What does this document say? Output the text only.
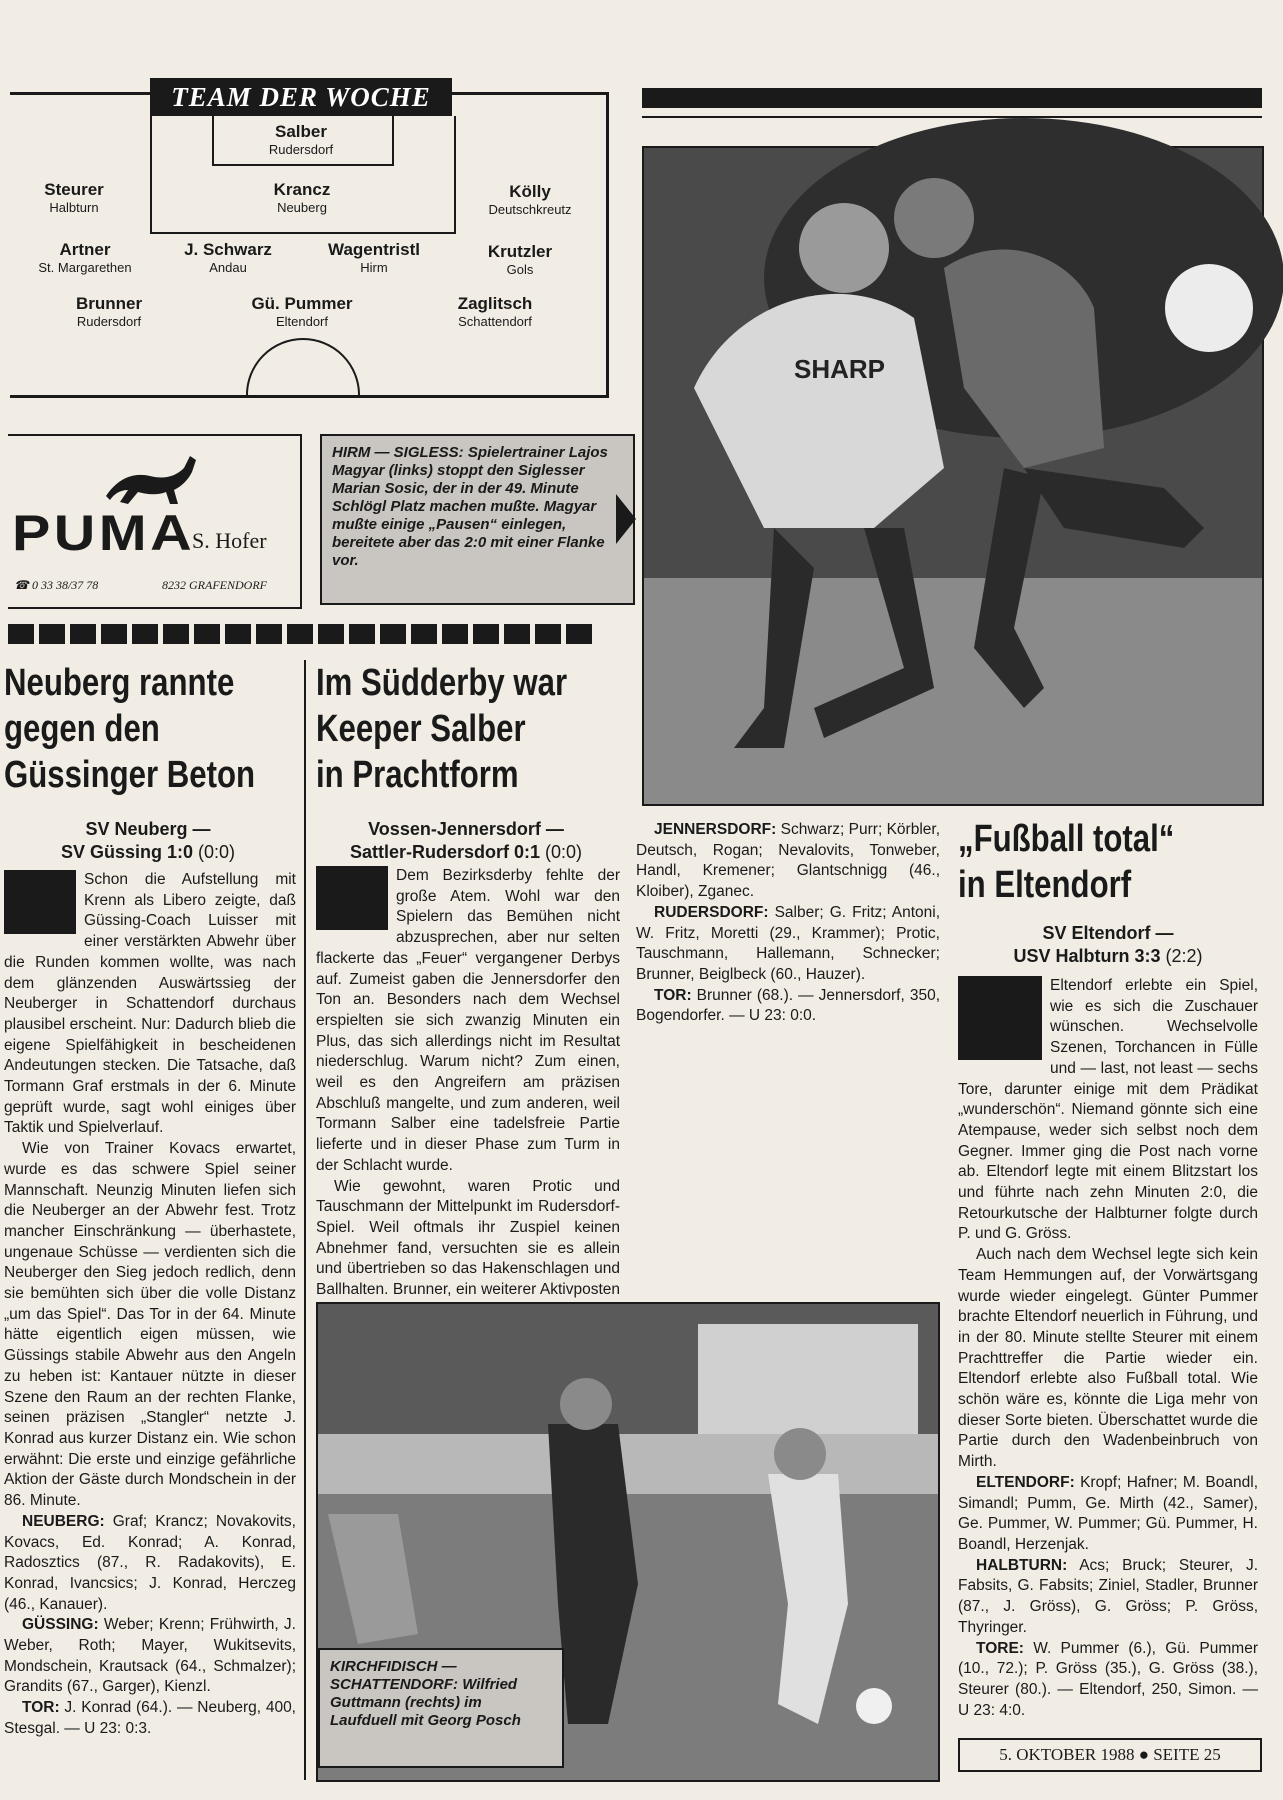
TEAM DER WOCHE
Salber
Rudersdorf
Steurer
Halbturn
Krancz
Neuberg
Kölly
Deutschkreutz
Artner
St. Margarethen
J. Schwarz
Andau
Wagentristl
Hirm
Krutzler
Gols
Brunner
Rudersdorf
Gü. Pummer
Eltendorf
Zaglitsch
Schattendorf
PUMA
S. Hofer
☎ 0 33 38/37 78	8232 GRAFENDORF
HIRM — SIGLESS: Spielertrainer Lajos Magyar (links) stoppt den Siglesser Marian Sosic, der in der 49. Minute Schlögl Platz machen mußte. Magyar mußte einige „Pausen“ einlegen, bereitete aber das 2:0 mit einer Flanke vor.
SHARP
Neuberg rannte
gegen den
Güssinger Beton
SV Neuberg —
SV Güssing 1:0 (0:0)

Schon die Aufstellung mit Krenn als Libero zeigte, daß Güssing-Coach Luisser mit einer verstärkten Abwehr über die Runden kommen wollte, was nach dem glänzenden Auswärtssieg der Neuberger in Schattendorf durchaus plausibel erscheint. Nur: Dadurch blieb die eigene Spielfähigkeit in bescheidenen Andeutungen stecken. Die Tatsache, daß Tormann Graf erstmals in der 6. Minute geprüft wurde, sagt wohl einiges über Taktik und Spielverlauf.

Wie von Trainer Kovacs erwartet, wurde es das schwere Spiel seiner Mannschaft. Neunzig Minuten liefen sich die Neuberger an der Abwehr fest. Trotz mancher Einschränkung — überhastete, ungenaue Schüsse — verdienten sich die Neuberger den Sieg jedoch redlich, denn sie bemühten sich über die volle Distanz „um das Spiel“. Das Tor in der 64. Minute hätte eigentlich eigen müssen, wie Güssings stabile Abwehr aus den Angeln zu heben ist: Kantauer nützte in dieser Szene den Raum an der rechten Flanke, seinen präzisen „Stangler“ netzte J. Konrad aus kurzer Distanz ein. Wie schon erwähnt: Die erste und einzige gefährliche Aktion der Gäste durch Mondschein in der 86. Minute.

NEUBERG: Graf; Krancz; Novakovits, Kovacs, Ed. Konrad; A. Konrad, Radosztics (87., R. Radakovits), E. Konrad, Ivancsics; J. Konrad, Herczeg (46., Kanauer).

GÜSSING: Weber; Krenn; Frühwirth, J. Weber, Roth; Mayer, Wukitsevits, Mondschein, Krautsack (64., Schmalzer); Grandits (67., Garger), Kienzl.

TOR: J. Konrad (64.). — Neuberg, 400, Stesgal. — U 23: 0:3.

Im Südderby war
Keeper Salber
in Prachtform
Vossen-Jennersdorf —
Sattler-Rudersdorf 0:1 (0:0)

Dem Bezirksderby fehlte der große Atem. Wohl war den Spielern das Bemühen nicht abzusprechen, aber nur selten flackerte das „Feuer“ vergangener Derbys auf. Zumeist gaben die Jennersdorfer den Ton an. Besonders nach dem Wechsel erspielten sie sich zwanzig Minuten ein Plus, das sich allerdings nicht im Resultat niederschlug. Warum nicht? Zum einen, weil es den Angreifern am präzisen Abschluß mangelte, und zum anderen, weil Tormann Salber eine tadelsfreie Partie lieferte und in dieser Phase zum Turm in der Schlacht wurde.

Wie gewohnt, waren Protic und Tauschmann der Mittelpunkt im Rudersdorf-Spiel. Weil oftmals ihr Zuspiel keinen Abnehmer fand, versuchten sie es allein und übertrieben so das Hakenschlagen und Ballhalten. Brunner, ein weiterer Aktivposten

JENNERSDORF: Schwarz; Purr; Körbler, Deutsch, Rogan; Nevalovits, Tonweber, Handl, Kremener; Glantschnigg (46., Kloiber), Zganec.

RUDERSDORF: Salber; G. Fritz; Antoni, W. Fritz, Moretti (29., Krammer); Protic, Tauschmann, Hallemann, Schnecker; Brunner, Beiglbeck (60., Hauzer).

TOR: Brunner (68.). — Jennersdorf, 350, Bogendorfer. — U 23: 0:0.

KIRCHFIDISCH — SCHATTENDORF: Wilfried Guttmann (rechts) im Laufduell mit Georg Posch
„Fußball total“
in Eltendorf
SV Eltendorf —
USV Halbturn 3:3 (2:2)

Eltendorf erlebte ein Spiel, wie es sich die Zuschauer wünschen. Wechselvolle Szenen, Torchancen in Fülle und — last, not least — sechs Tore, darunter einige mit dem Prädikat „wunderschön“. Niemand gönnte sich eine Atempause, weder sich selbst noch dem Gegner. Immer ging die Post nach vorne ab. Eltendorf legte mit einem Blitzstart los und führte nach zehn Minuten 2:0, die Retourkutsche der Halbturner folgte durch P. und G. Gröss.

Auch nach dem Wechsel legte sich kein Team Hemmungen auf, der Vorwärtsgang wurde wieder eingelegt. Günter Pummer brachte Eltendorf neuerlich in Führung, und in der 80. Minute stellte Steurer mit einem Prachttreffer die Partie wieder ein. Eltendorf erlebte also Fußball total. Wie schön wäre es, könnte die Liga mehr von dieser Sorte bieten. Überschattet wurde die Partie durch den Wadenbeinbruch von Mirth.

ELTENDORF: Kropf; Hafner; M. Boandl, Simandl; Pumm, Ge. Mirth (42., Samer), Ge. Pummer, W. Pummer; Gü. Pummer, H. Boandl, Herzenjak.

HALBTURN: Acs; Bruck; Steurer, J. Fabsits, G. Fabsits; Ziniel, Stadler, Brunner (87., J. Gröss), G. Gröss; P. Gröss, Thyringer.

TORE: W. Pummer (6.), Gü. Pummer (10., 72.); P. Gröss (35.), G. Gröss (38.), Steurer (80.). — Eltendorf, 250, Simon. — U 23: 4:0.

5. OKTOBER 1988 ● SEITE 25
